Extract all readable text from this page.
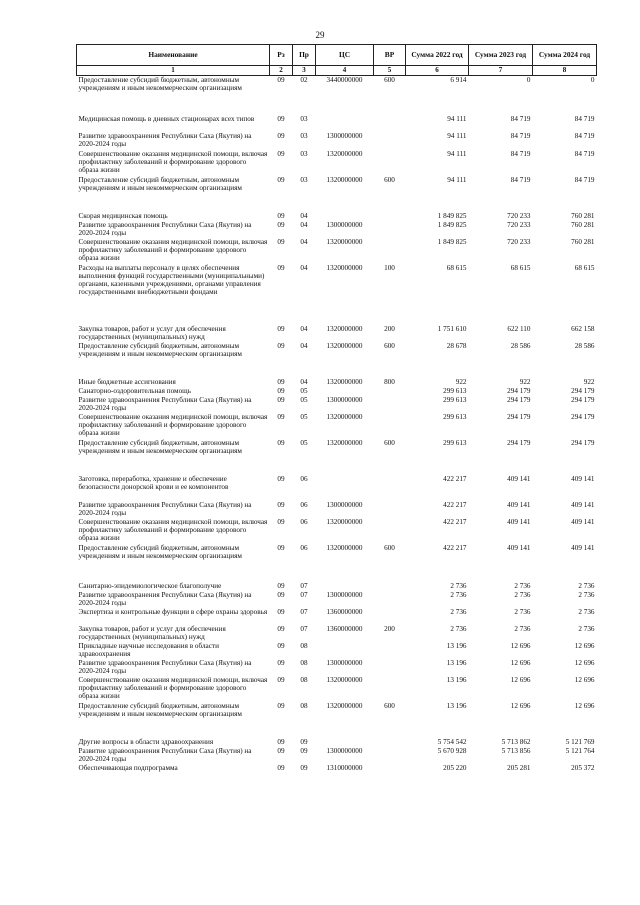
29
Наименование	Рз	Пр	ЦС	ВР	Сумма 2022 год	Сумма 2023 год	Сумма 2024 год
1	2	3	4	5	6	7	8
Предоставление субсидий бюджетным, автономным учреждениям и иным некоммерческим организациям	09	02	3440000000	600	6 914	0	0

Медицинская помощь в дневных стационарах всех типов	09	03			94 111	84 719	84 719
Развитие здравоохранения Республики Саха (Якутия) на 2020-2024 годы	09	03	1300000000		94 111	84 719	84 719
Совершенствование оказания медицинской помощи, включая профилактику заболеваний и формирование здорового образа жизни	09	03	1320000000		94 111	84 719	84 719
Предоставление субсидий бюджетным, автономным учреждениям и иным некоммерческим организациям	09	03	1320000000	600	94 111	84 719	84 719

Скорая медицинская помощь	09	04			1 849 825	720 233	760 281
Развитие здравоохранения Республики Саха (Якутия) на 2020-2024 годы	09	04	1300000000		1 849 825	720 233	760 281
Совершенствование оказания медицинской помощи, включая профилактику заболеваний и формирование здорового образа жизни	09	04	1320000000		1 849 825	720 233	760 281
Расходы на выплаты персоналу в целях обеспечения выполнения функций государственными (муниципальными) органами, казенными учреждениями, органами управления государственными внебюджетными фондами	09	04	1320000000	100	68 615	68 615	68 615

Закупка товаров, работ и услуг для обеспечения государственных (муниципальных) нужд	09	04	1320000000	200	1 751 610	622 110	662 158
Предоставление субсидий бюджетным, автономным учреждениям и иным некоммерческим организациям	09	04	1320000000	600	28 678	28 586	28 586

Иные бюджетные ассигнования	09	04	1320000000	800	922	922	922
Санаторно-оздоровительная помощь	09	05			299 613	294 179	294 179
Развитие здравоохранения Республики Саха (Якутия) на 2020-2024 годы	09	05	1300000000		299 613	294 179	294 179
Совершенствование оказания медицинской помощи, включая профилактику заболеваний и формирование здорового образа жизни	09	05	1320000000		299 613	294 179	294 179
Предоставление субсидий бюджетным, автономным учреждениям и иным некоммерческим организациям	09	05	1320000000	600	299 613	294 179	294 179

Заготовка, переработка, хранение и обеспечение безопасности донорской крови и ее компонентов	09	06			422 217	409 141	409 141
Развитие здравоохранения Республики Саха (Якутия) на 2020-2024 годы	09	06	1300000000		422 217	409 141	409 141
Совершенствование оказания медицинской помощи, включая профилактику заболеваний и формирование здорового образа жизни	09	06	1320000000		422 217	409 141	409 141
Предоставление субсидий бюджетным, автономным учреждениям и иным некоммерческим организациям	09	06	1320000000	600	422 217	409 141	409 141

Санитарно-эпидемиологическое благополучие	09	07			2 736	2 736	2 736
Развитие здравоохранения Республики Саха (Якутия) на 2020-2024 годы	09	07	1300000000		2 736	2 736	2 736
Экспертиза и контрольные функции в сфере охраны здоровья	09	07	1360000000		2 736	2 736	2 736
Закупка товаров, работ и услуг для обеспечения государственных (муниципальных) нужд	09	07	1360000000	200	2 736	2 736	2 736
Прикладные научные исследования в области здравоохранения	09	08			13 196	12 696	12 696
Развитие здравоохранения Республики Саха (Якутия) на 2020-2024 годы	09	08	1300000000		13 196	12 696	12 696
Совершенствование оказания медицинской помощи, включая профилактику заболеваний и формирование здорового образа жизни	09	08	1320000000		13 196	12 696	12 696
Предоставление субсидий бюджетным, автономным учреждениям и иным некоммерческим организациям	09	08	1320000000	600	13 196	12 696	12 696

Другие вопросы в области здравоохранения	09	09			5 754 542	5 713 862	5 121 769
Развитие здравоохранения Республики Саха (Якутия) на 2020-2024 годы	09	09	1300000000		5 670 928	5 713 856	5 121 764
Обеспечивающая подпрограмма	09	09	1310000000		205 220	205 281	205 372
